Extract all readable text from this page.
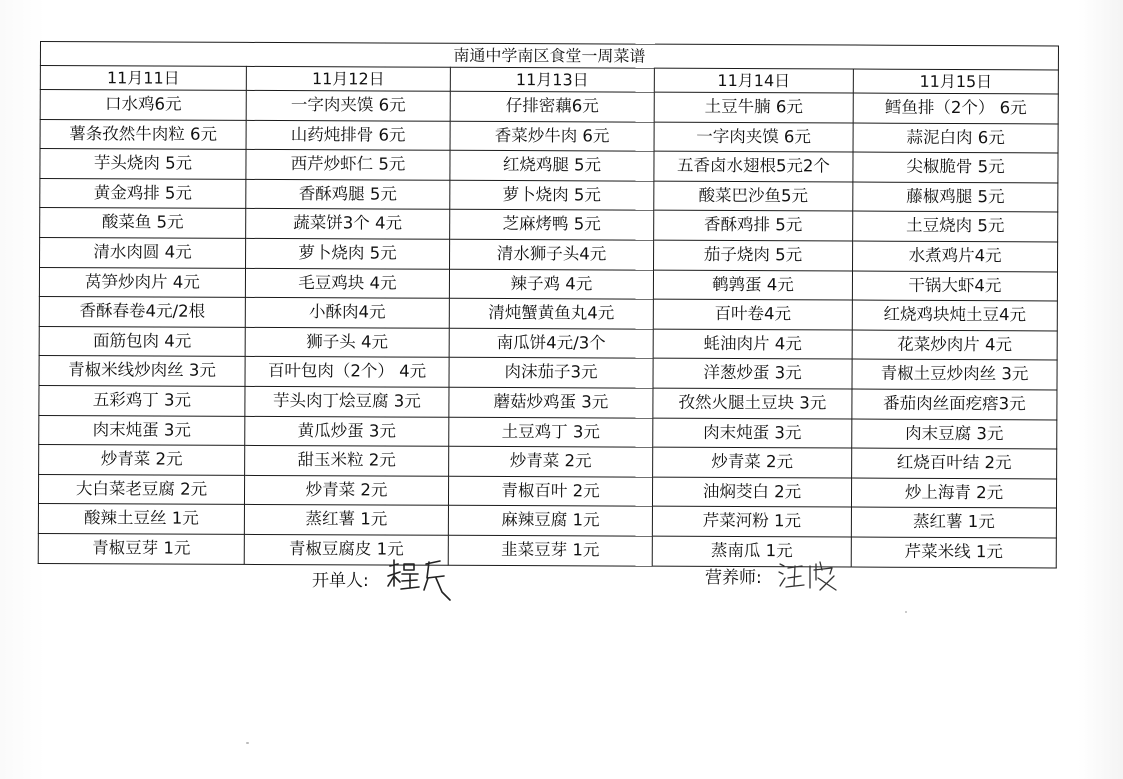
南通中学南区食堂一周菜谱				
11月11日	11月12日	11月13日	11月14日	11月15日
口水鸡6元	一字肉夹馍 6元	仔排密藕6元	土豆牛腩 6元	鳕鱼排（2个） 6元
薯条孜然牛肉粒 6元	山药炖排骨 6元	香菜炒牛肉 6元	一字肉夹馍 6元	蒜泥白肉 6元
芋头烧肉 5元	西芹炒虾仁 5元	红烧鸡腿 5元	五香卤水翅根5元2个	尖椒脆骨 5元
黄金鸡排 5元	香酥鸡腿 5元	萝卜烧肉 5元	酸菜巴沙鱼5元	藤椒鸡腿 5元
酸菜鱼 5元	蔬菜饼3个 4元	芝麻烤鸭 5元	香酥鸡排 5元	土豆烧肉 5元
清水肉圆 4元	萝卜烧肉 5元	清水狮子头4元	茄子烧肉 5元	水煮鸡片4元
莴笋炒肉片 4元	毛豆鸡块 4元	辣子鸡 4元	鹌鹑蛋 4元	干锅大虾4元
香酥春卷4元/2根	小酥肉4元	清炖蟹黄鱼丸4元	百叶卷4元	红烧鸡块炖土豆4元
面筋包肉 4元	狮子头 4元	南瓜饼4元/3个	蚝油肉片 4元	花菜炒肉片 4元
青椒米线炒肉丝 3元	百叶包肉（2个） 4元	肉沫茄子3元	洋葱炒蛋 3元	青椒土豆炒肉丝 3元
五彩鸡丁 3元	芋头肉丁烩豆腐 3元	蘑菇炒鸡蛋 3元	孜然火腿土豆块 3元	番茄肉丝面疙瘩3元
肉末炖蛋 3元	黄瓜炒蛋 3元	土豆鸡丁 3元	肉末炖蛋 3元	肉末豆腐 3元
炒青菜 2元	甜玉米粒 2元	炒青菜 2元	炒青菜 2元	红烧百叶结 2元
大白菜老豆腐 2元	炒青菜 2元	青椒百叶 2元	油焖茭白 2元	炒上海青 2元
酸辣土豆丝 1元	蒸红薯 1元	麻辣豆腐 1元	芹菜河粉 1元	蒸红薯 1元
青椒豆芽 1元	青椒豆腐皮 1元	韭菜豆芽 1元	蒸南瓜 1元	芹菜米线 1元
开单人:	营养师:
